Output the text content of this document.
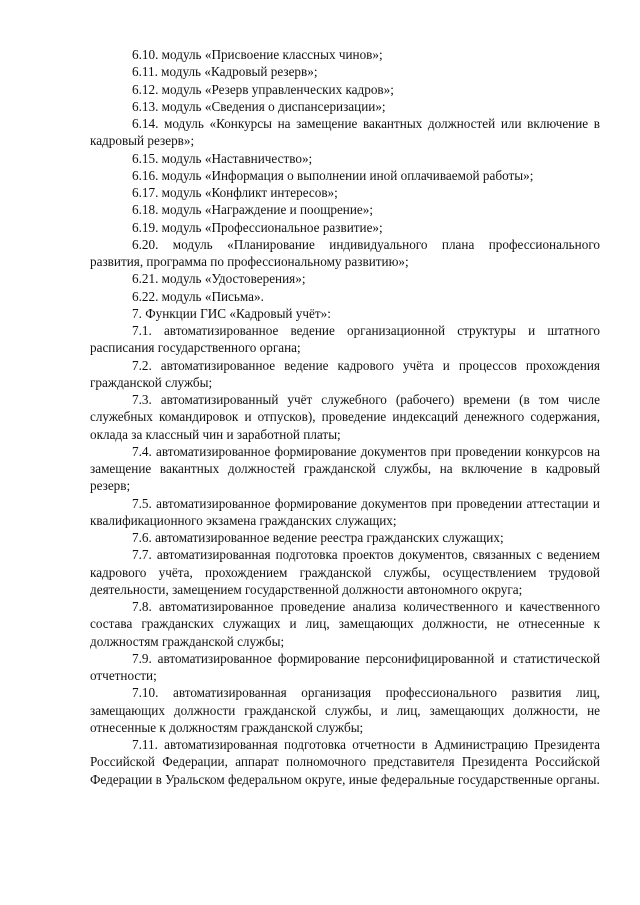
6.10. модуль «Присвоение классных чинов»;

6.11. модуль «Кадровый резерв»;

6.12. модуль «Резерв управленческих кадров»;

6.13. модуль «Сведения о диспансеризации»;

6.14. модуль «Конкурсы на замещение вакантных должностей или включение в кадровый резерв»;

6.15. модуль «Наставничество»;

6.16. модуль «Информация о выполнении иной оплачиваемой работы»;

6.17. модуль «Конфликт интересов»;

6.18. модуль «Награждение и поощрение»;

6.19. модуль «Профессиональное развитие»;

6.20. модуль «Планирование индивидуального плана профессионального развития, программа по профессиональному развитию»;

6.21. модуль «Удостоверения»;

6.22. модуль «Письма».

7. Функции ГИС «Кадровый учёт»:

7.1. автоматизированное ведение организационной структуры и штатного расписания государственного органа;

7.2. автоматизированное ведение кадрового учёта и процессов прохождения гражданской службы;

7.3. автоматизированный учёт служебного (рабочего) времени (в том числе служебных командировок и отпусков), проведение индексаций денежного содержания, оклада за классный чин и заработной платы;

7.4. автоматизированное формирование документов при проведении конкурсов на замещение вакантных должностей гражданской службы, на включение в кадровый резерв;

7.5. автоматизированное формирование документов при проведении аттестации и квалификационного экзамена гражданских служащих;

7.6. автоматизированное ведение реестра гражданских служащих;

7.7. автоматизированная подготовка проектов документов, связанных с ведением кадрового учёта, прохождением гражданской службы, осуществлением трудовой деятельности, замещением государственной должности автономного округа;

7.8. автоматизированное проведение анализа количественного и качественного состава гражданских служащих и лиц, замещающих должности, не отнесенные к должностям гражданской службы;

7.9. автоматизированное формирование персонифицированной и статистической отчетности;

7.10. автоматизированная организация профессионального развития лиц, замещающих должности гражданской службы, и лиц, замещающих должности, не отнесенные к должностям гражданской службы;

7.11. автоматизированная подготовка отчетности в Администрацию Президента Российской Федерации, аппарат полномочного представителя Президента Российской Федерации в Уральском федеральном округе, иные федеральные государственные органы.
